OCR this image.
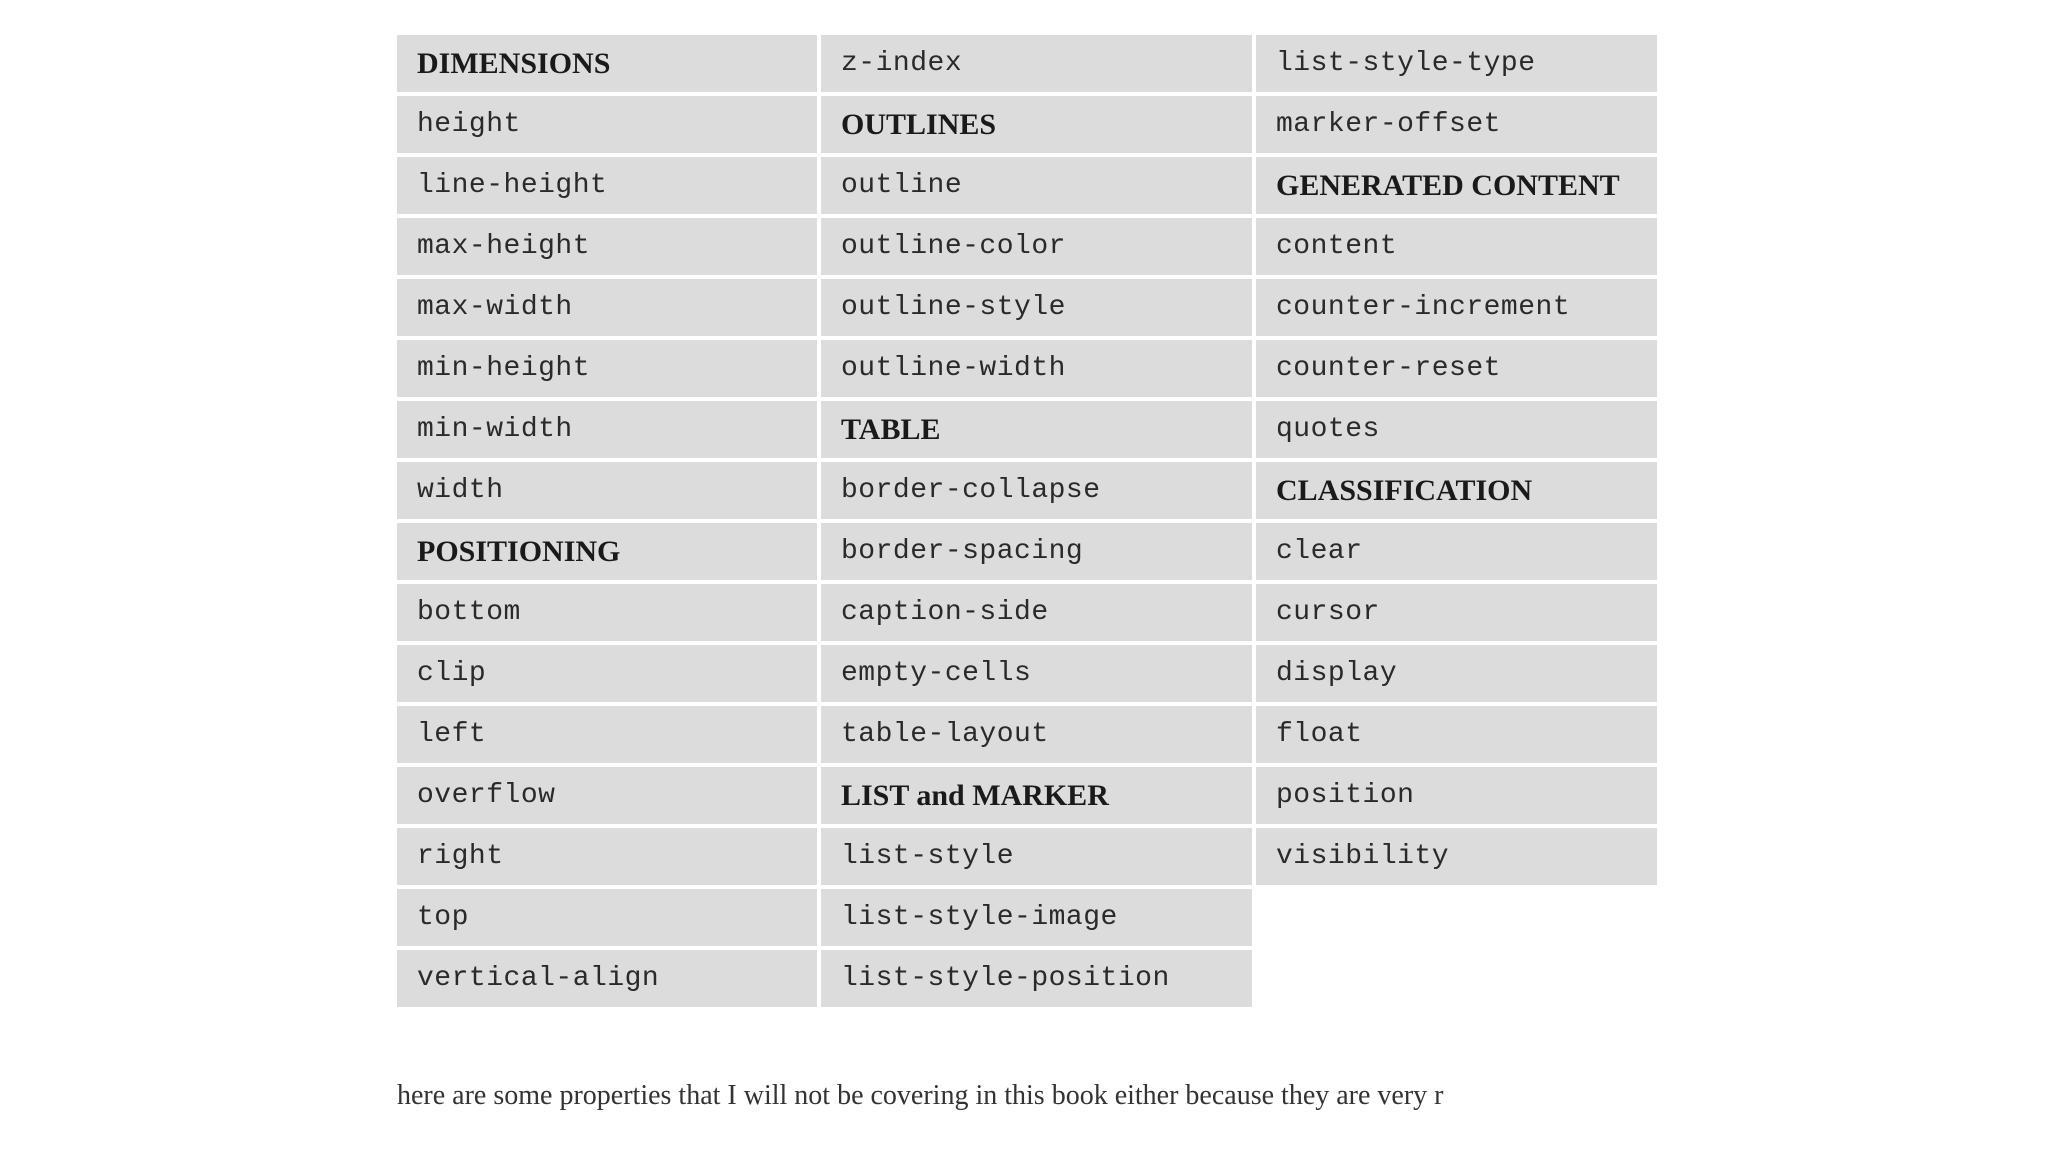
DIMENSIONS
height
line-height
max-height
max-width
min-height
min-width
width
POSITIONING
bottom
clip
left
overflow
right
top
vertical-align
z-index
OUTLINES
outline
outline-color
outline-style
outline-width
TABLE
border-collapse
border-spacing
caption-side
empty-cells
table-layout
LIST and MARKER
list-style
list-style-image
list-style-position
list-style-type
marker-offset
GENERATED CONTENT
content
counter-increment
counter-reset
quotes
CLASSIFICATION
clear
cursor
display
float
position
visibility
here are some properties that I will not be covering in this book either because they are very r
